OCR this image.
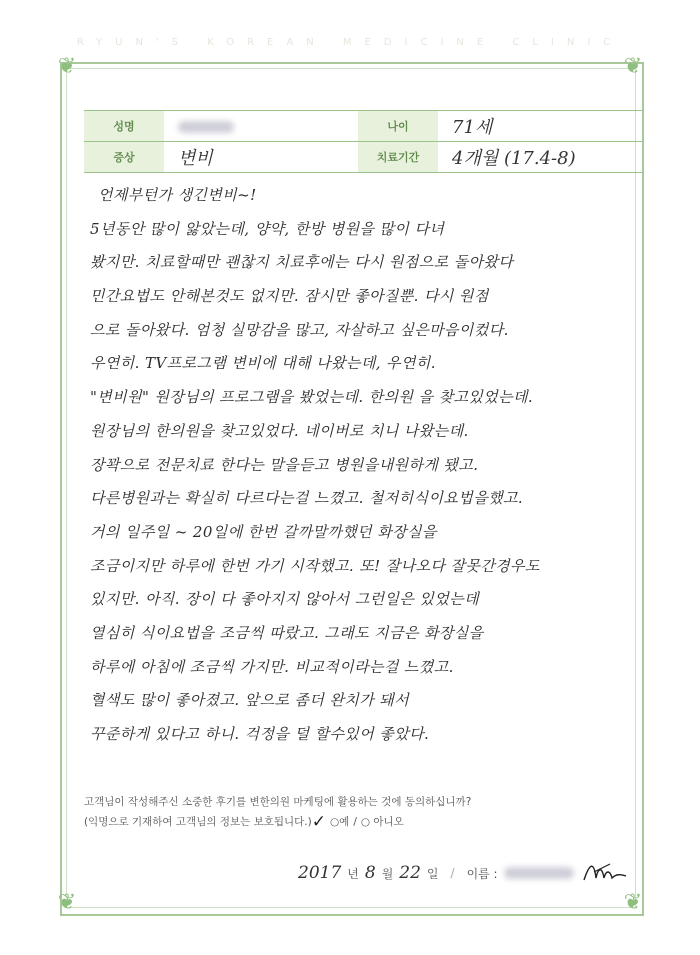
RYUN'S KOREAN MEDICINE CLINIC
❦	❦
❦	❦
성명		나이	71세
증상	변비	치료기간	4개월 (17.4-8)
언제부턴가 생긴변비~!
5년동안 많이 앓았는데, 양약, 한방 병원을 많이 다녀
봤지만. 치료할때만 괜찮지 치료후에는 다시 원점으로 돌아왔다
민간요법도 안해본것도 없지만. 잠시만 좋아질뿐. 다시 원점
으로 돌아왔다. 엄청 실망감을 많고, 자살하고 싶은마음이컸다.
우연히. TV프로그램 변비에 대해 나왔는데, 우연히.
"변비원" 원장님의 프로그램을 봤었는데. 한의원 을 찾고있었는데.
원장님의 한의원을 찾고있었다. 네이버로 치니 나왔는데.
장꽉으로 전문치료 한다는 말을듣고 병원을내원하게 됐고.
다른병원과는 확실히 다르다는걸 느꼈고. 철저히식이요법을했고.
거의 일주일 ~ 20일에 한번 갈까말까했던 화장실을
조금이지만 하루에 한번 가기 시작했고. 또! 잘나오다 잘못간경우도
있지만. 아직. 장이 다 좋아지지 않아서 그런일은 있었는데
열심히 식이요법을 조금씩 따랐고. 그래도 지금은 화장실을
하루에 아침에 조금씩 가지만. 비교적이라는걸 느꼈고.
혈색도 많이 좋아졌고. 앞으로 좀더 완치가 돼서
꾸준하게 있다고 하니. 걱정을 덜 할수있어 좋았다.
고객님이 작성해주신 소중한 후기를 변한의원 마케팅에 활용하는 것에 동의하십니까?
(익명으로 기재하여 고객님의 정보는 보호됩니다.) ✓ ○예 / ○ 아니오
2017 년 8 월 22 일 / 이름 :
